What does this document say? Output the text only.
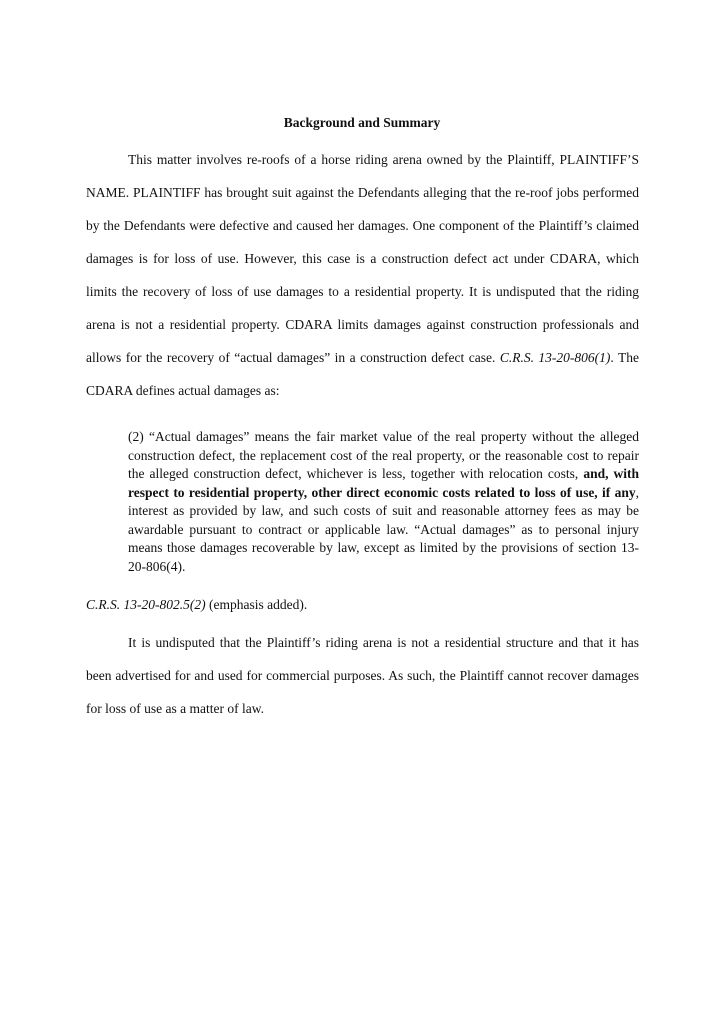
Background and Summary

This matter involves re-roofs of a horse riding arena owned by the Plaintiff, PLAINTIFF’S NAME. PLAINTIFF has brought suit against the Defendants alleging that the re-roof jobs performed by the Defendants were defective and caused her damages. One component of the Plaintiff’s claimed damages is for loss of use. However, this case is a construction defect act under CDARA, which limits the recovery of loss of use damages to a residential property. It is undisputed that the riding arena is not a residential property. CDARA limits damages against construction professionals and allows for the recovery of “actual damages” in a construction defect case. C.R.S. 13-20-806(1). The CDARA defines actual damages as:

(2) “Actual damages” means the fair market value of the real property without the alleged construction defect, the replacement cost of the real property, or the reasonable cost to repair the alleged construction defect, whichever is less, together with relocation costs, and, with respect to residential property, other direct economic costs related to loss of use, if any, interest as provided by law, and such costs of suit and reasonable attorney fees as may be awardable pursuant to contract or applicable law. “Actual damages” as to personal injury means those damages recoverable by law, except as limited by the provisions of section 13-20-806(4).

C.R.S. 13-20-802.5(2) (emphasis added).

It is undisputed that the Plaintiff’s riding arena is not a residential structure and that it has been advertised for and used for commercial purposes. As such, the Plaintiff cannot recover damages for loss of use as a matter of law.
